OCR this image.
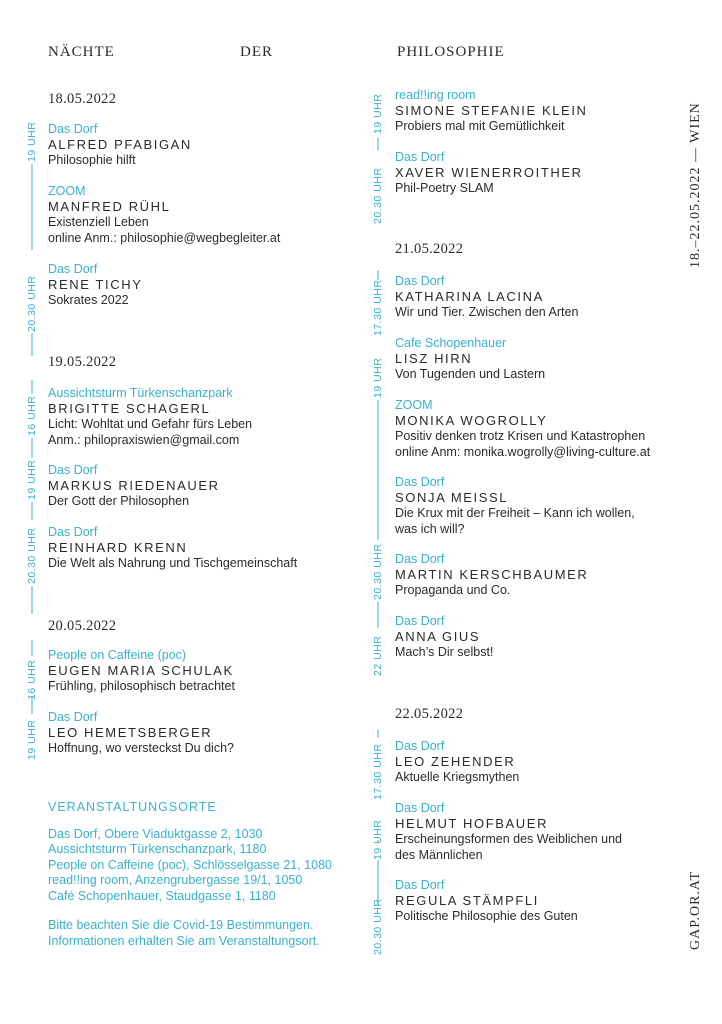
NÄCHTE	DER	PHILOSOPHIE
18.–22.05.2022 — WIEN
GAP.OR.AT
18.05.2022
19 UHR
20.30 UHR
Das Dorf
ALFRED PFABIGAN
Philosophie hilft
ZOOM
MANFRED RÜHL
Existenziell Leben
online Anm.: philosophie@wegbegleiter.at
Das Dorf
RENE TICHY
Sokrates 2022
19.05.2022
16 UHR
19 UHR
20.30 UHR
Aussichtsturm Türkenschanzpark
BRIGITTE SCHAGERL
Licht: Wohltat und Gefahr fürs Leben
Anm.: philopraxiswien@gmail.com
Das Dorf
MARKUS RIEDENAUER
Der Gott der Philosophen
Das Dorf
REINHARD KRENN
Die Welt als Nahrung und Tischgemeinschaft
20.05.2022
16 UHR
19 UHR
People on Caffeine (poc)
EUGEN MARIA SCHULAK
Frühling, philosophisch betrachtet
Das Dorf
LEO HEMETSBERGER
Hoffnung, wo versteckst Du dich?
VERANSTALTUNGSORTE
Das Dorf, Obere Viaduktgasse 2, 1030
Aussichtsturm Türkenschanzpark, 1180
People on Caffeine (poc), Schlösselgasse 21, 1080
read!!ing room, Anzengrubergasse 19/1, 1050
Café Schopenhauer, Staudgasse 1, 1180
Bitte beachten Sie die Covid-19 Bestimmungen.
Informationen erhalten Sie am Veranstaltungsort.
19 UHR
20.30 UHR
read!!ing room
SIMONE STEFANIE KLEIN
Probiers mal mit Gemütlichkeit
Das Dorf
XAVER WIENERROITHER
Phil-Poetry SLAM
21.05.2022
17.30 UHR
19 UHR
20.30 UHR
22 UHR
Das Dorf
KATHARINA LACINA
Wir und Tier. Zwischen den Arten
Cafe Schopenhauer
LISZ HIRN
Von Tugenden und Lastern
ZOOM
MONIKA WOGROLLY
Positiv denken trotz Krisen und Katastrophen
online Anm: monika.wogrolly@living-culture.at
Das Dorf
SONJA MEISSL
Die Krux mit der Freiheit – Kann ich wollen,
was ich will?
Das Dorf
MARTIN KERSCHBAUMER
Propaganda und Co.
Das Dorf
ANNA GIUS
Mach’s Dir selbst!
22.05.2022
17.30 UHR
19 UHR
20.30 UHR
Das Dorf
LEO ZEHENDER
Aktuelle Kriegsmythen
Das Dorf
HELMUT HOFBAUER
Erscheinungsformen des Weiblichen und
des Männlichen
Das Dorf
REGULA STÄMPFLI
Politische Philosophie des Guten
